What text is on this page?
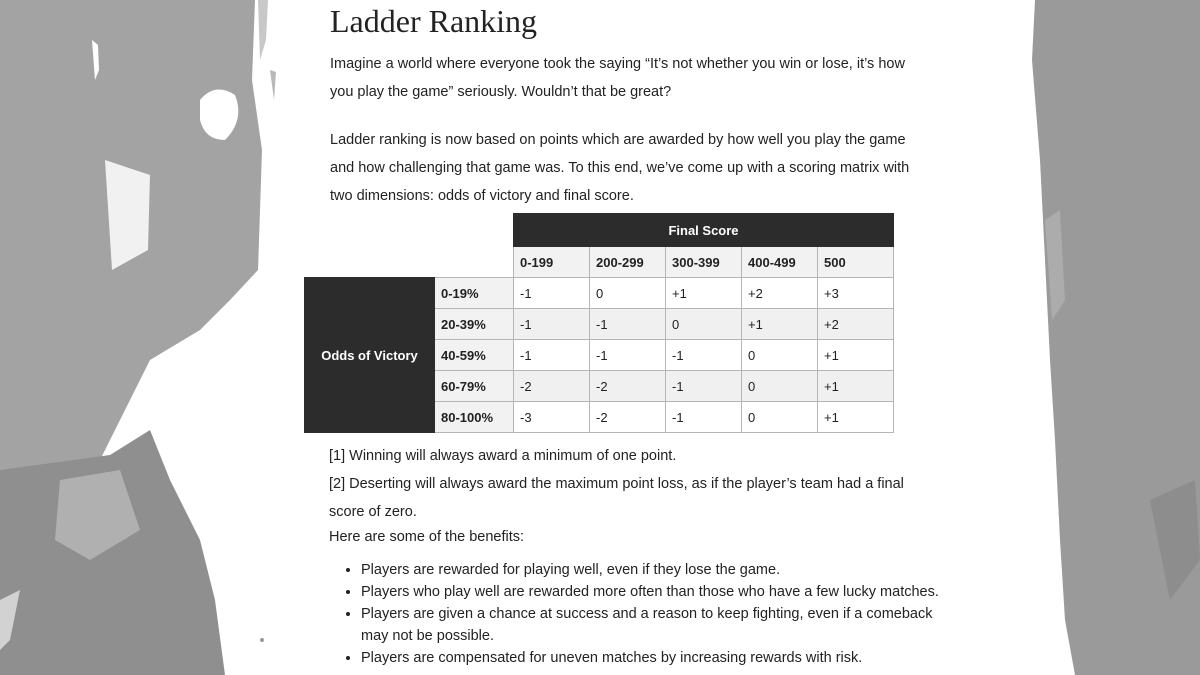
Ladder Ranking

Imagine a world where everyone took the saying “It’s not whether you win or lose, it’s how you play the game” seriously. Wouldn’t that be great?

Ladder ranking is now based on points which are awarded by how well you play the game and how challenging that game was. To this end, we’ve come up with a scoring matrix with two dimensions: odds of victory and final score.

		Final Score				
		0-199	200-299	300-399	400-499	500
Odds of Victory	0-19%	-1	0	+1	+2	+3
	20-39%	-1	-1	0	+1	+2
	40-59%	-1	-1	-1	0	+1
	60-79%	-2	-2	-1	0	+1
	80-100%	-3	-2	-1	0	+1

[1] Winning will always award a minimum of one point.

[2] Deserting will always award the maximum point loss, as if the player’s team had a final score of zero.

Here are some of the benefits:

• Players are rewarded for playing well, even if they lose the game.
• Players who play well are rewarded more often than those who have a few lucky matches.
• Players are given a chance at success and a reason to keep fighting, even if a comeback may not be possible.
• Players are compensated for uneven matches by increasing rewards with risk.
